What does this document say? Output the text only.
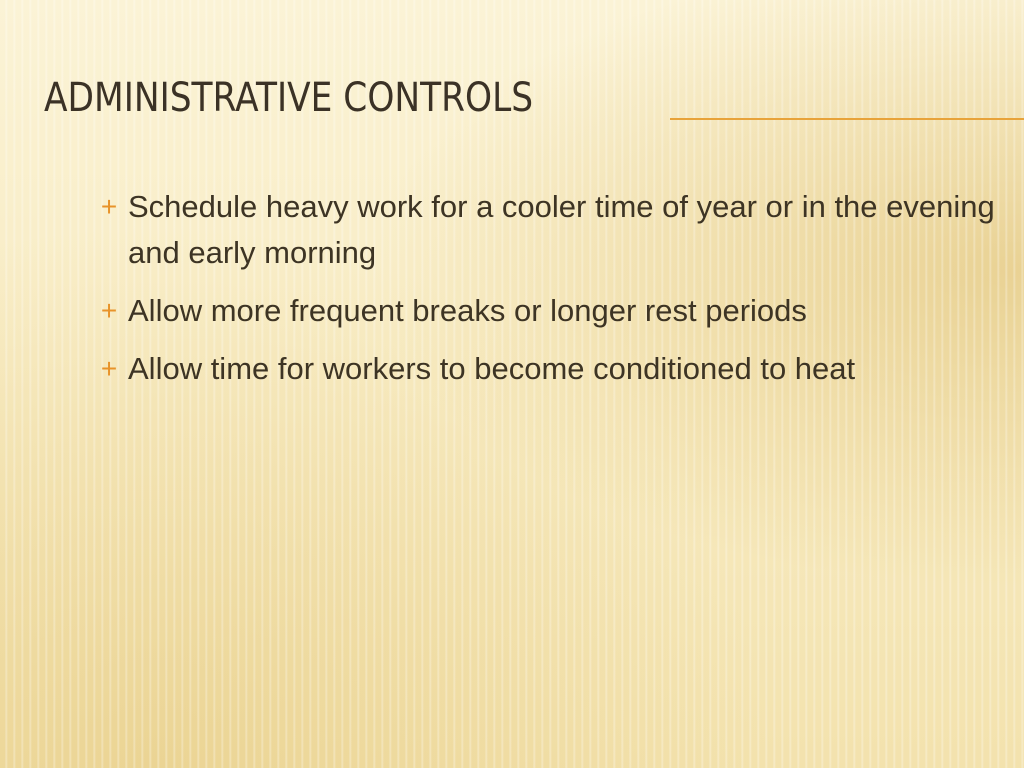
ADMINISTRATIVE CONTROLS
+ Schedule heavy work for a cooler time of year or in the evening and early morning
+ Allow more frequent breaks or longer rest periods
+ Allow time for workers to become conditioned to heat
